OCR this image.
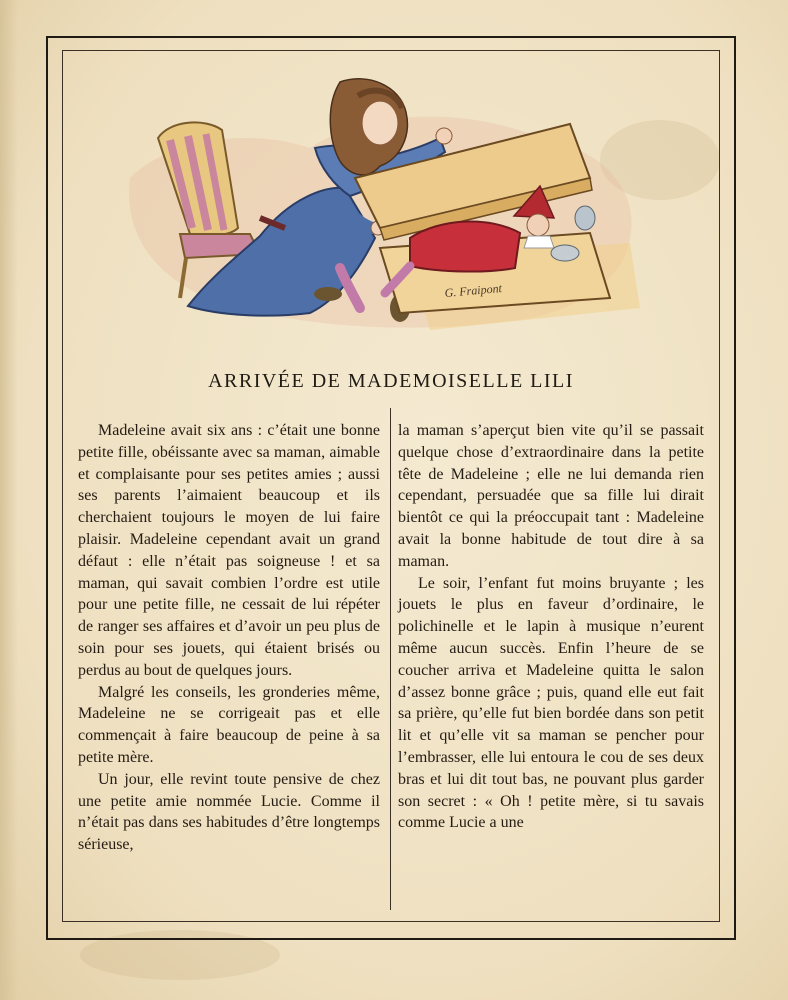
G. Fraipont
ARRIVÉE DE MADEMOISELLE LILI

Madeleine avait six ans : c’était une bonne petite fille, obéissante avec sa maman, aimable et complaisante pour ses petites amies ; aussi ses parents l’aimaient beaucoup et ils cherchaient toujours le moyen de lui faire plaisir. Madeleine cependant avait un grand défaut : elle n’était pas soigneuse ! et sa maman, qui savait combien l’ordre est utile pour une petite fille, ne cessait de lui répéter de ranger ses affaires et d’avoir un peu plus de soin pour ses jouets, qui étaient brisés ou perdus au bout de quelques jours.

Malgré les conseils, les gronderies même, Madeleine ne se corrigeait pas et elle commençait à faire beaucoup de peine à sa petite mère.

Un jour, elle revint toute pensive de chez une petite amie nommée Lucie. Comme il n’était pas dans ses habitudes d’être longtemps sérieuse,

la maman s’aperçut bien vite qu’il se passait quelque chose d’extraordinaire dans la petite tête de Madeleine ; elle ne lui demanda rien cependant, persuadée que sa fille lui dirait bientôt ce qui la préoccupait tant : Madeleine avait la bonne habitude de tout dire à sa maman.

Le soir, l’enfant fut moins bruyante ; les jouets le plus en faveur d’ordinaire, le polichinelle et le lapin à musique n’eurent même aucun succès. Enfin l’heure de se coucher arriva et Madeleine quitta le salon d’assez bonne grâce ; puis, quand elle eut fait sa prière, qu’elle fut bien bordée dans son petit lit et qu’elle vit sa maman se pencher pour l’embrasser, elle lui entoura le cou de ses deux bras et lui dit tout bas, ne pouvant plus garder son secret : « Oh ! petite mère, si tu savais comme Lucie a une
